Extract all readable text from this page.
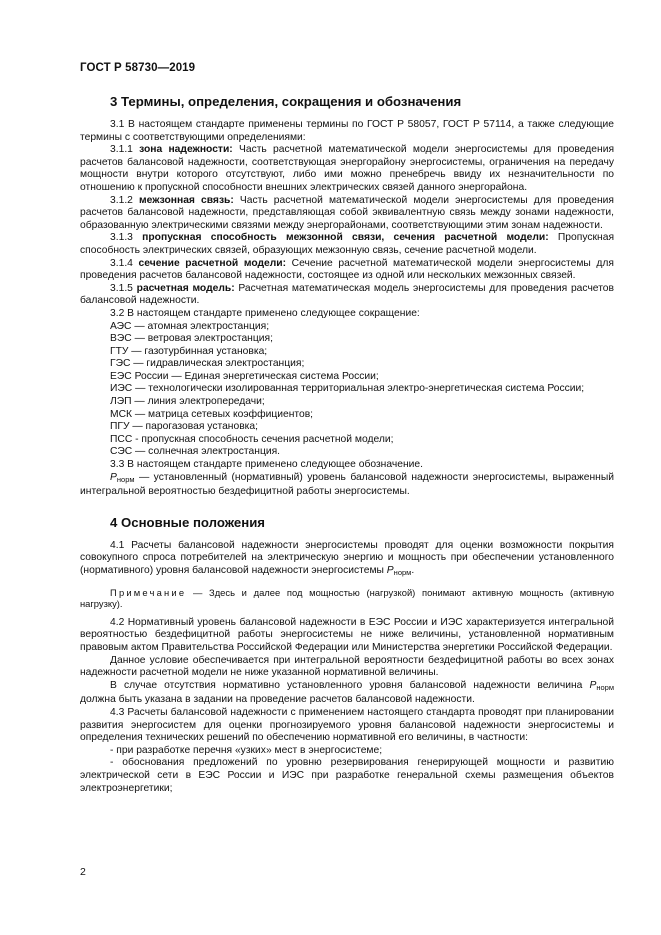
ГОСТ Р 58730—2019
3 Термины, определения, сокращения и обозначения

3.1 В настоящем стандарте применены термины по ГОСТ Р 58057, ГОСТ Р 57114, а также следующие термины с соответствующими определениями:

3.1.1 зона надежности: Часть расчетной математической модели энергосистемы для проведения расчетов балансовой надежности, соответствующая энергорайону энергосистемы, ограничения на передачу мощности внутри которого отсутствуют, либо ими можно пренебречь ввиду их незначительности по отношению к пропускной способности внешних электрических связей данного энергорайона.

3.1.2 межзонная связь: Часть расчетной математической модели энергосистемы для проведения расчетов балансовой надежности, представляющая собой эквивалентную связь между зонами надежности, образованную электрическими связями между энергорайонами, соответствующими этим зонам надежности.

3.1.3 пропускная способность межзонной связи, сечения расчетной модели: Пропускная способность электрических связей, образующих межзонную связь, сечение расчетной модели.

3.1.4 сечение расчетной модели: Сечение расчетной математической модели энергосистемы для проведения расчетов балансовой надежности, состоящее из одной или нескольких межзонных связей.

3.1.5 расчетная модель: Расчетная математическая модель энергосистемы для проведения расчетов балансовой надежности.

3.2 В настоящем стандарте применено следующее сокращение:

АЭС — атомная электростанция;

ВЭС — ветровая электростанция;

ГТУ — газотурбинная установка;

ГЭС — гидравлическая электростанция;

ЕЭС России — Единая энергетическая система России;

ИЭС — технологически изолированная территориальная электро-энергетическая система России;

ЛЭП — линия электропередачи;

МСК — матрица сетевых коэффициентов;

ПГУ — парогазовая установка;

ПСС - пропускная способность сечения расчетной модели;

СЭС — солнечная электростанция.

3.3 В настоящем стандарте применено следующее обозначение.

$P_{норм}$ — установленный (нормативный) уровень балансовой надежности энергосистемы, выраженный интегральной вероятностью бездефицитной работы энергосистемы.

4 Основные положения

4.1 Расчеты балансовой надежности энергосистемы проводят для оценки возможности покрытия совокупного спроса потребителей на электрическую энергию и мощность при обеспечении установленного (нормативного) уровня балансовой надежности энергосистемы $P_{норм}$.

Примечание — Здесь и далее под мощностью (нагрузкой) понимают активную мощность (активную нагрузку).

4.2 Нормативный уровень балансовой надежности в ЕЭС России и ИЭС характеризуется интегральной вероятностью бездефицитной работы энергосистемы не ниже величины, установленной нормативным правовым актом Правительства Российской Федерации или Министерства энергетики Российской Федерации.

Данное условие обеспечивается при интегральной вероятности бездефицитной работы во всех зонах надежности расчетной модели не ниже указанной нормативной величины.

В случае отсутствия нормативно установленного уровня балансовой надежности величина $P_{норм}$ должна быть указана в задании на проведение расчетов балансовой надежности.

4.3 Расчеты балансовой надежности с применением настоящего стандарта проводят при планировании развития энергосистем для оценки прогнозируемого уровня балансовой надежности энергосистемы и определения технических решений по обеспечению нормативной его величины, в частности:

- при разработке перечня «узких» мест в энергосистеме;

- обоснования предложений по уровню резервирования генерирующей мощности и развитию электрической сети в ЕЭС России и ИЭС при разработке генеральной схемы размещения объектов электроэнергетики;

2
